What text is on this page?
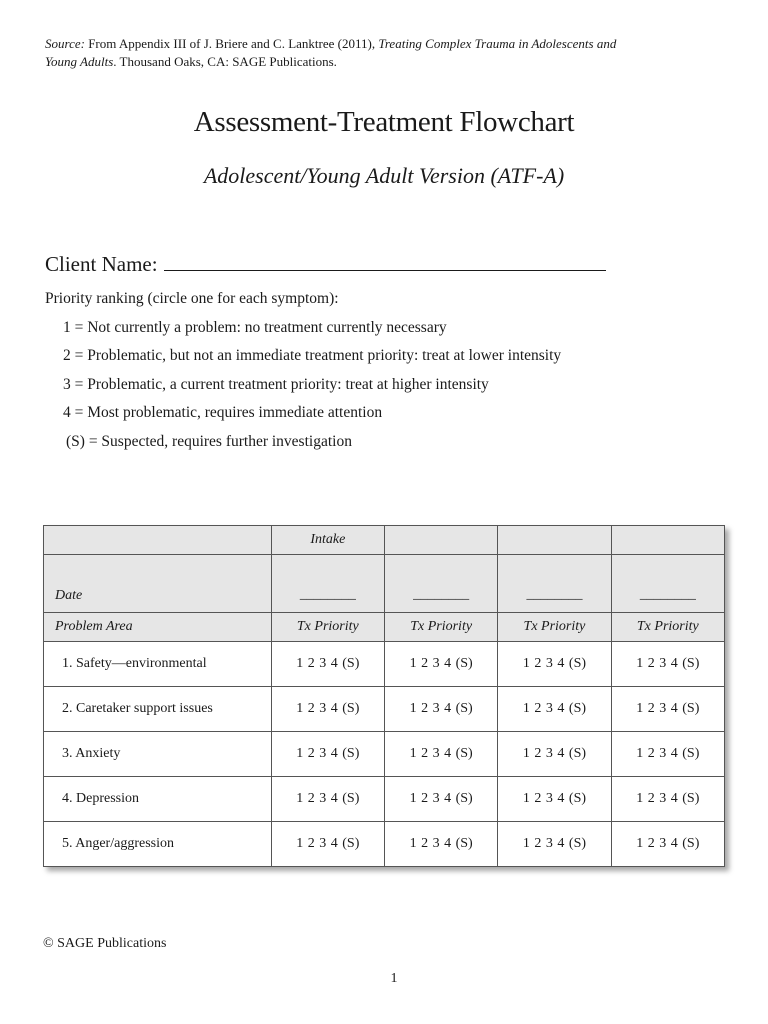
Source: From Appendix III of J. Briere and C. Lanktree (2011), Treating Complex Trauma in Adolescents and
Young Adults. Thousand Oaks, CA: SAGE Publications.
Assessment-Treatment Flowchart
Adolescent/Young Adult Version (ATF-A)
Client Name:
Priority ranking (circle one for each symptom):
1 = Not currently a problem: no treatment currently necessary
2 = Problematic, but not an immediate treatment priority: treat at lower intensity
3 = Problematic, a current treatment priority: treat at higher intensity
4 = Most problematic, requires immediate attention
(S) = Suspected, requires further investigation
	Intake			
Date	________	________	________	________
Problem Area	Tx Priority	Tx Priority	Tx Priority	Tx Priority
1. Safety—environmental	1 2 3 4 (S)	1 2 3 4 (S)	1 2 3 4 (S)	1 2 3 4 (S)
2. Caretaker support issues	1 2 3 4 (S)	1 2 3 4 (S)	1 2 3 4 (S)	1 2 3 4 (S)
3. Anxiety	1 2 3 4 (S)	1 2 3 4 (S)	1 2 3 4 (S)	1 2 3 4 (S)
4. Depression	1 2 3 4 (S)	1 2 3 4 (S)	1 2 3 4 (S)	1 2 3 4 (S)
5. Anger/aggression	1 2 3 4 (S)	1 2 3 4 (S)	1 2 3 4 (S)	1 2 3 4 (S)
© SAGE Publications
1
